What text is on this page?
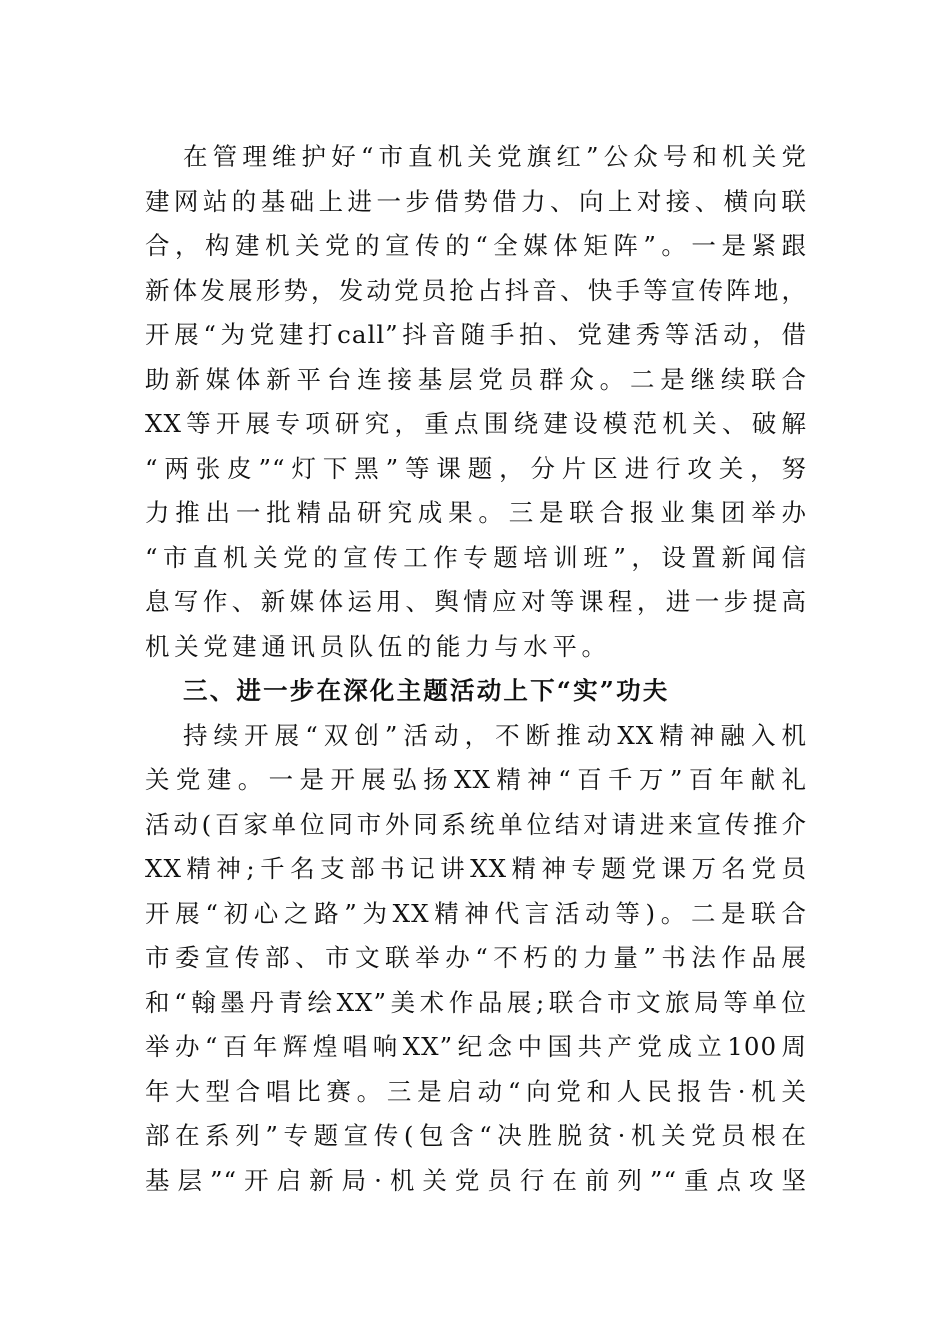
在管理维护好“市直机关党旗红”公众号和机关党
建网站的基础上进一步借势借力、向上对接、横向联
合，构建机关党的宣传的“全媒体矩阵”。一是紧跟
新体发展形势，发动党员抢占抖音、快手等宣传阵地，
开展“为党建打call”抖音随手拍、党建秀等活动，借
助新媒体新平台连接基层党员群众。二是继续联合
XX等开展专项研究，重点围绕建设模范机关、破解
“两张皮”“灯下黑”等课题，分片区进行攻关，努
力推出一批精品研究成果。三是联合报业集团举办
“市直机关党的宣传工作专题培训班”，设置新闻信
息写作、新媒体运用、舆情应对等课程，进一步提高
机关党建通讯员队伍的能力与水平。
三、进一步在深化主题活动上下“实”功夫
持续开展“双创”活动，不断推动XX精神融入机
关党建。一是开展弘扬XX精神“百千万”百年献礼
活动(百家单位同市外同系统单位结对请进来宣传推介
XX精神;千名支部书记讲XX精神专题党课万名党员
开展“初心之路”为XX精神代言活动等)。二是联合
市委宣传部、市文联举办“不朽的力量”书法作品展
和“翰墨丹青绘XX”美术作品展;联合市文旅局等单位
举办“百年辉煌唱响XX”纪念中国共产党成立100周
年大型合唱比赛。三是启动“向党和人民报告·机关
部在系列”专题宣传(包含“决胜脱贫·机关党员根在
基层”“开启新局·机关党员行在前列”“重点攻坚
